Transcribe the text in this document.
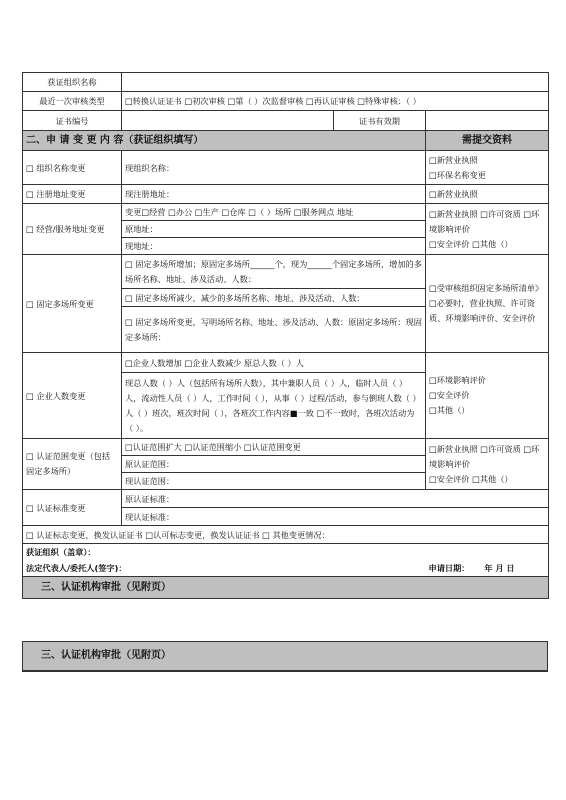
获证组织名称			
最近一次审核类型	□转换认证证书 □初次审核 □第（ ）次监督审核 □再认证审核 □特殊审核：（ ）		
证书编号		证书有效期	
二、申 请 变 更 内 容（获证组织填写）			需提交资料
□ 组织名称变更	现组织名称：		□新营业执照
□环保名称变更

□ 注册地址变更	现注册地址：		□新营业执照
□ 经营/服务地址变更	变更□经营 □办公 □生产 □仓库 □（ ）场所 □服务网点 地址		□新营业执照 □许可资质 □环境影响评价
□安全评价 □其他（）

	原地址：		
	现地址：		
□ 固定多场所变更	□ 固定多场所增加；原固定多场所______个，现为______个固定多场所，增加的多场所名称、地址、涉及活动、人数：		□受审核组织固定多场所清单》□必要时，营业执照、许可资质、环境影响评价、安全评价
	□ 固定多场所减少，减少的多场所名称、地址、涉及活动、人数：		
	□ 固定多场所变更，写明场所名称、地址、涉及活动、人数：原固定多场所：现固定多场所：		
□ 企业人数变更	□企业人数增加 □企业人数减少 原总人数（ ）人		□环境影响评价
□安全评价
□其他（）

	现总人数（ ）人（包括所有场所人数），其中兼职人员（ ）人，临时人员（ ）人，流动性人员（ ）人，工作时间（ ），从事（ ）过程/活动，参与倒班人数（ ）人（ ）班次，班次时间（ ），各班次工作内容■一致 □不一致时，各班次活动为（ ）。		
□ 认证范围变更（包括固定多场所）	□认证范围扩大 □认证范围缩小 □认证范围变更		□新营业执照 □许可资质 □环境影响评价
□安全评价 □其他（）

	原认证范围：		
	现认证范围：		
□ 认证标准变更	原认证标准：		
	现认证标准：		
□ 认证标志变更，换发认证证书 □认可标志变更，换发认证证书 □ 其他变更情况：			
获证组织（盖章）：			
法定代表人/委托人(签字)：			申请日期： 年 月 日
三、认证机构审批（见附页）			
三、认证机构审批（见附页）
